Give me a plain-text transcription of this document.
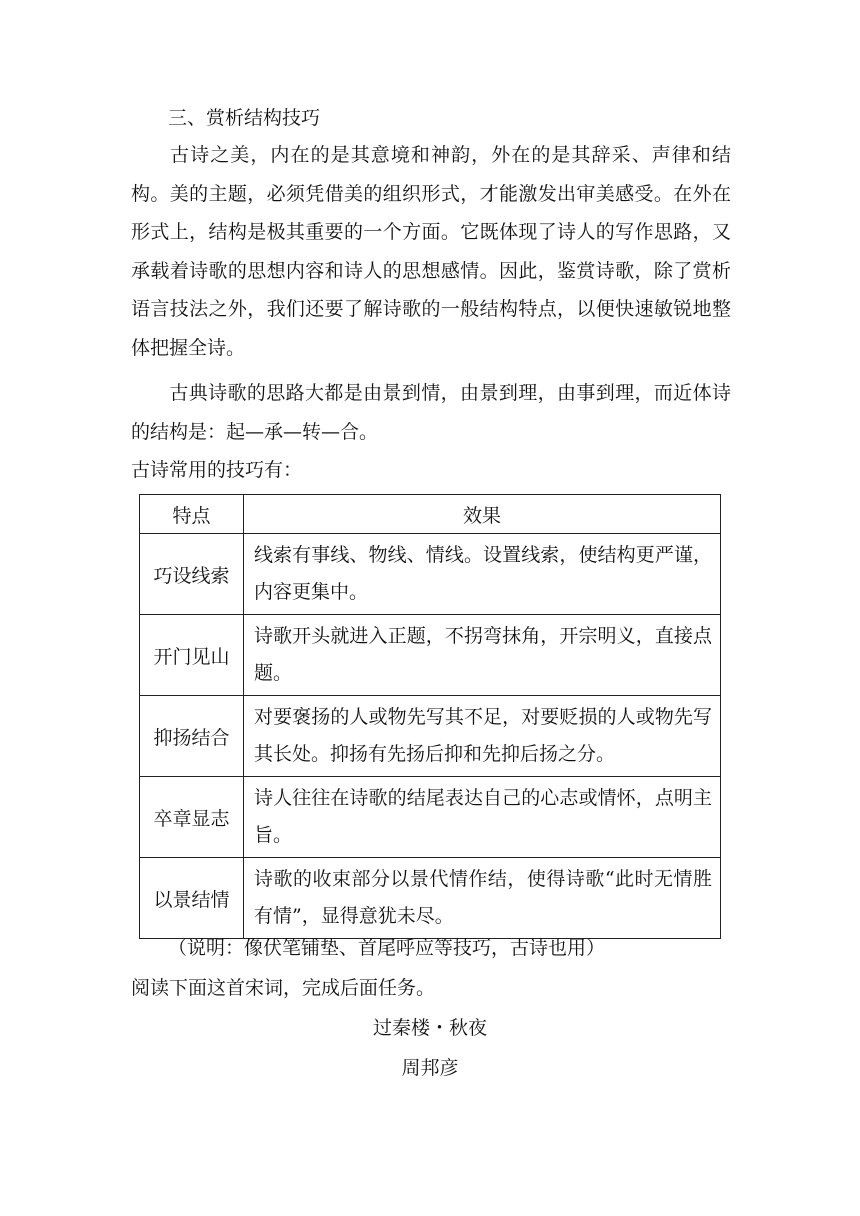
三、赏析结构技巧
古诗之美，内在的是其意境和神韵，外在的是其辞采、声律和结构。美的主题，必须凭借美的组织形式，才能激发出审美感受。在外在形式上，结构是极其重要的一个方面。它既体现了诗人的写作思路，又承载着诗歌的思想内容和诗人的思想感情。因此，鉴赏诗歌，除了赏析语言技法之外，我们还要了解诗歌的一般结构特点，以便快速敏锐地整体把握全诗。
古典诗歌的思路大都是由景到情，由景到理，由事到理，而近体诗的结构是：起—承—转—合。
古诗常用的技巧有：
特点	效果
巧设线索	线索有事线、物线、情线。设置线索，使结构更严谨，内容更集中。
开门见山	诗歌开头就进入正题，不拐弯抹角，开宗明义，直接点题。
抑扬结合	对要褒扬的人或物先写其不足，对要贬损的人或物先写其长处。抑扬有先扬后抑和先抑后扬之分。
卒章显志	诗人往往在诗歌的结尾表达自己的心志或情怀，点明主旨。
以景结情	诗歌的收束部分以景代情作结，使得诗歌“此时无情胜有情”，显得意犹未尽。
（说明：像伏笔铺垫、首尾呼应等技巧，古诗也用）
阅读下面这首宋词，完成后面任务。
过秦楼・秋夜
周邦彦
